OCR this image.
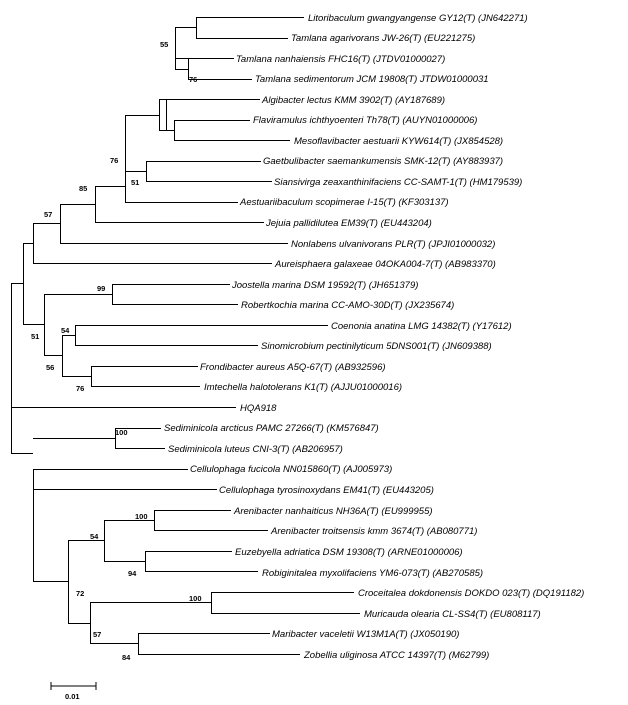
Litoribaculum gwangyangense GY12(T) (JN642271)
Tamlana agarivorans JW-26(T) (EU221275)
Tamlana nanhaiensis FHC16(T) (JTDV01000027)
Tamlana sedimentorum JCM 19808(T) JTDW01000031
Algibacter lectus KMM 3902(T) (AY187689)
Flaviramulus ichthyoenteri Th78(T) (AUYN01000006)
Mesoflavibacter aestuarii KYW614(T) (JX854528)
Gaetbulibacter saemankumensis SMK-12(T) (AY883937)
Siansivirga zeaxanthinifaciens CC-SAMT-1(T) (HM179539)
Aestuariibaculum scopimerae I-15(T) (KF303137)
Jejuia pallidilutea EM39(T) (EU443204)
Nonlabens ulvanivorans PLR(T) (JPJI01000032)
Aureisphaera galaxeae 04OKA004-7(T) (AB983370)
Joostella marina DSM 19592(T) (JH651379)
Robertkochia marina CC-AMO-30D(T) (JX235674)
Coenonia anatina LMG 14382(T) (Y17612)
Sinomicrobium pectinilyticum 5DNS001(T) (JN609388)
Frondibacter aureus A5Q-67(T) (AB932596)
Imtechella halotolerans K1(T) (AJJU01000016)
HQA918
Sediminicola arcticus PAMC 27266(T) (KM576847)
Sediminicola luteus CNI-3(T) (AB206957)
Cellulophaga fucicola NN015860(T) (AJ005973)
Cellulophaga tyrosinoxydans EM41(T) (EU443205)
Arenibacter nanhaiticus NH36A(T) (EU999955)
Arenibacter troitsensis kmm 3674(T) (AB080771)
Euzebyella adriatica DSM 19308(T) (ARNE01000006)
Robiginitalea myxolifaciens YM6-073(T) (AB270585)
Croceitalea dokdonensis DOKDO 023(T) (DQ191182)
Muricauda olearia CL-SS4(T) (EU808117)
Maribacter vaceletii W13M1A(T) (JX050190)
Zobellia uliginosa ATCC 14397(T) (M62799)
55
76
76
51
85
57
99
54
51
56
76
100
100
54
94
72
100
57
84
0.01
